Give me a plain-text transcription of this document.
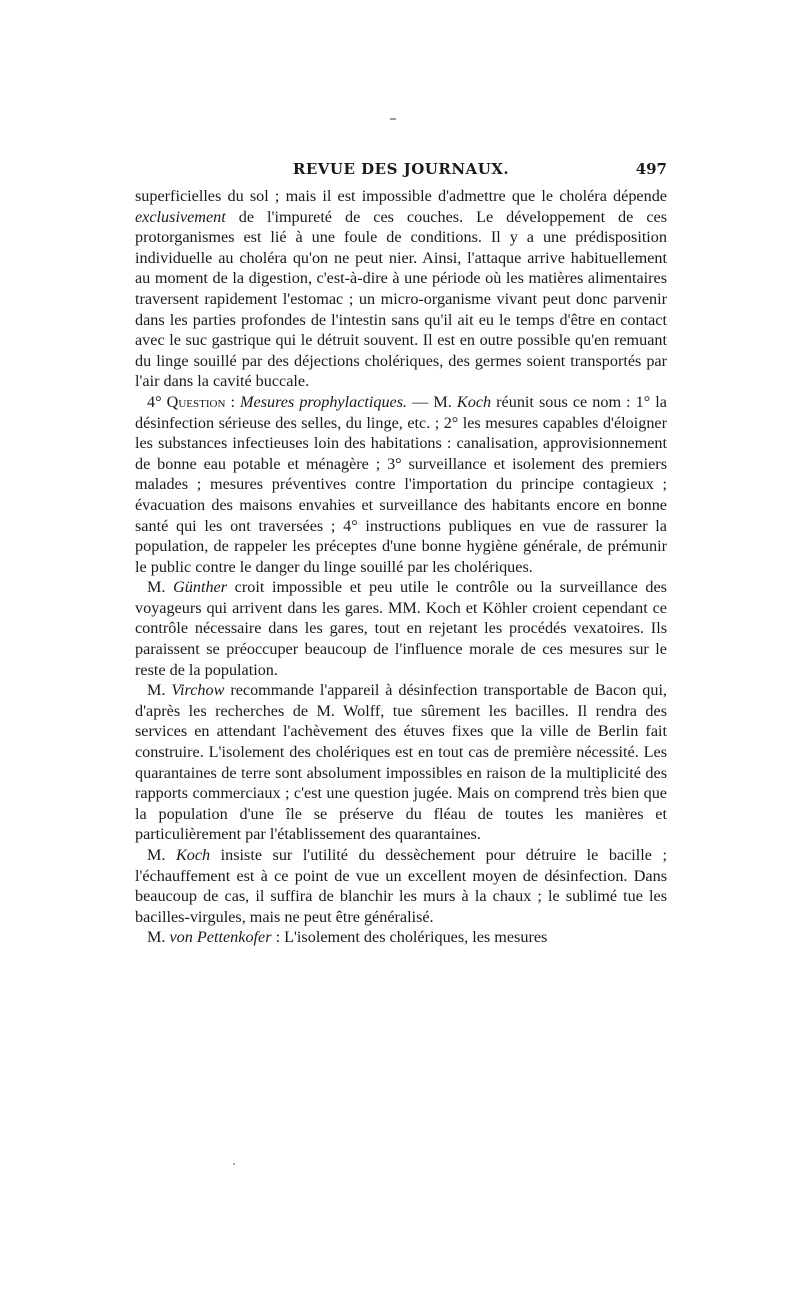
REVUE DES JOURNAUX.	497

superficielles du sol ; mais il est impossible d'admettre que le choléra dépende exclusivement de l'impureté de ces couches. Le développement de ces protorganismes est lié à une foule de conditions. Il y a une prédisposition individuelle au choléra qu'on ne peut nier. Ainsi, l'attaque arrive habituellement au moment de la digestion, c'est-à-dire à une période où les matières alimentaires traversent rapidement l'estomac ; un micro-organisme vivant peut donc parvenir dans les parties profondes de l'intestin sans qu'il ait eu le temps d'être en contact avec le suc gastrique qui le détruit souvent. Il est en outre possible qu'en remuant du linge souillé par des déjections cholériques, des germes soient transportés par l'air dans la cavité buccale.

4° Question : Mesures prophylactiques. — M. Koch réunit sous ce nom : 1° la désinfection sérieuse des selles, du linge, etc. ; 2° les mesures capables d'éloigner les substances infectieuses loin des habitations : canalisation, approvisionnement de bonne eau potable et ménagère ; 3° surveillance et isolement des premiers malades ; mesures préventives contre l'importation du principe contagieux ; évacuation des maisons envahies et surveillance des habitants encore en bonne santé qui les ont traversées ; 4° instructions publiques en vue de rassurer la population, de rappeler les préceptes d'une bonne hygiène générale, de prémunir le public contre le danger du linge souillé par les cholériques.

M. Günther croit impossible et peu utile le contrôle ou la surveillance des voyageurs qui arrivent dans les gares. MM. Koch et Köhler croient cependant ce contrôle nécessaire dans les gares, tout en rejetant les procédés vexatoires. Ils paraissent se préoccuper beaucoup de l'influence morale de ces mesures sur le reste de la population.

M. Virchow recommande l'appareil à désinfection transportable de Bacon qui, d'après les recherches de M. Wolff, tue sûrement les bacilles. Il rendra des services en attendant l'achèvement des étuves fixes que la ville de Berlin fait construire. L'isolement des cholériques est en tout cas de première nécessité. Les quarantaines de terre sont absolument impossibles en raison de la multiplicité des rapports commerciaux ; c'est une question jugée. Mais on comprend très bien que la population d'une île se préserve du fléau de toutes les manières et particulièrement par l'établissement des quarantaines.

M. Koch insiste sur l'utilité du dessèchement pour détruire le bacille ; l'échauffement est à ce point de vue un excellent moyen de désinfection. Dans beaucoup de cas, il suffira de blanchir les murs à la chaux ; le sublimé tue les bacilles-virgules, mais ne peut être généralisé.

M. von Pettenkofer : L'isolement des cholériques, les mesures
